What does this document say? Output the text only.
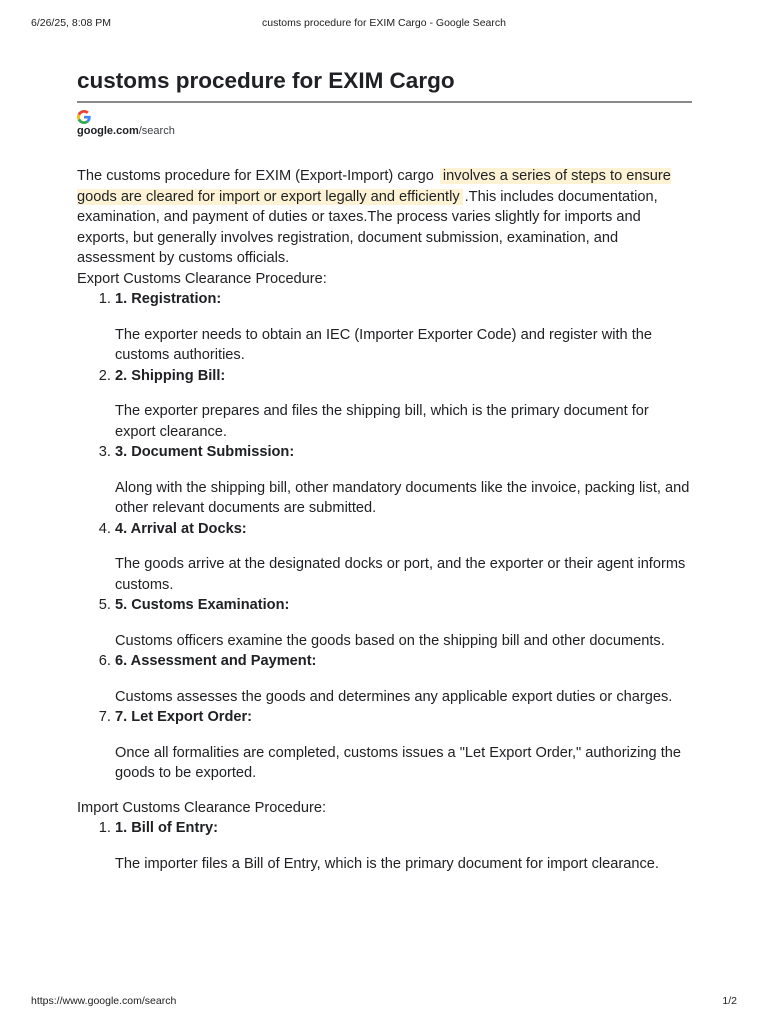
6/26/25, 8:08 PM	customs procedure for EXIM Cargo - Google Search
customs procedure for EXIM Cargo
google.com/search
The customs procedure for EXIM (Export-Import) cargo involves a series of steps to ensure goods are cleared for import or export legally and efficiently .This includes documentation, examination, and payment of duties or taxes.The process varies slightly for imports and exports, but generally involves registration, document submission, examination, and assessment by customs officials.
Export Customs Clearance Procedure:
1. 1. Registration:
The exporter needs to obtain an IEC (Importer Exporter Code) and register with the customs authorities.
2. 2. Shipping Bill:
The exporter prepares and files the shipping bill, which is the primary document for export clearance.
3. 3. Document Submission:
Along with the shipping bill, other mandatory documents like the invoice, packing list, and other relevant documents are submitted.
4. 4. Arrival at Docks:
The goods arrive at the designated docks or port, and the exporter or their agent informs customs.
5. 5. Customs Examination:
Customs officers examine the goods based on the shipping bill and other documents.
6. 6. Assessment and Payment:
Customs assesses the goods and determines any applicable export duties or charges.
7. 7. Let Export Order:
Once all formalities are completed, customs issues a "Let Export Order," authorizing the goods to be exported.
Import Customs Clearance Procedure:
1. 1. Bill of Entry:
The importer files a Bill of Entry, which is the primary document for import clearance.
https://www.google.com/search	1/2
